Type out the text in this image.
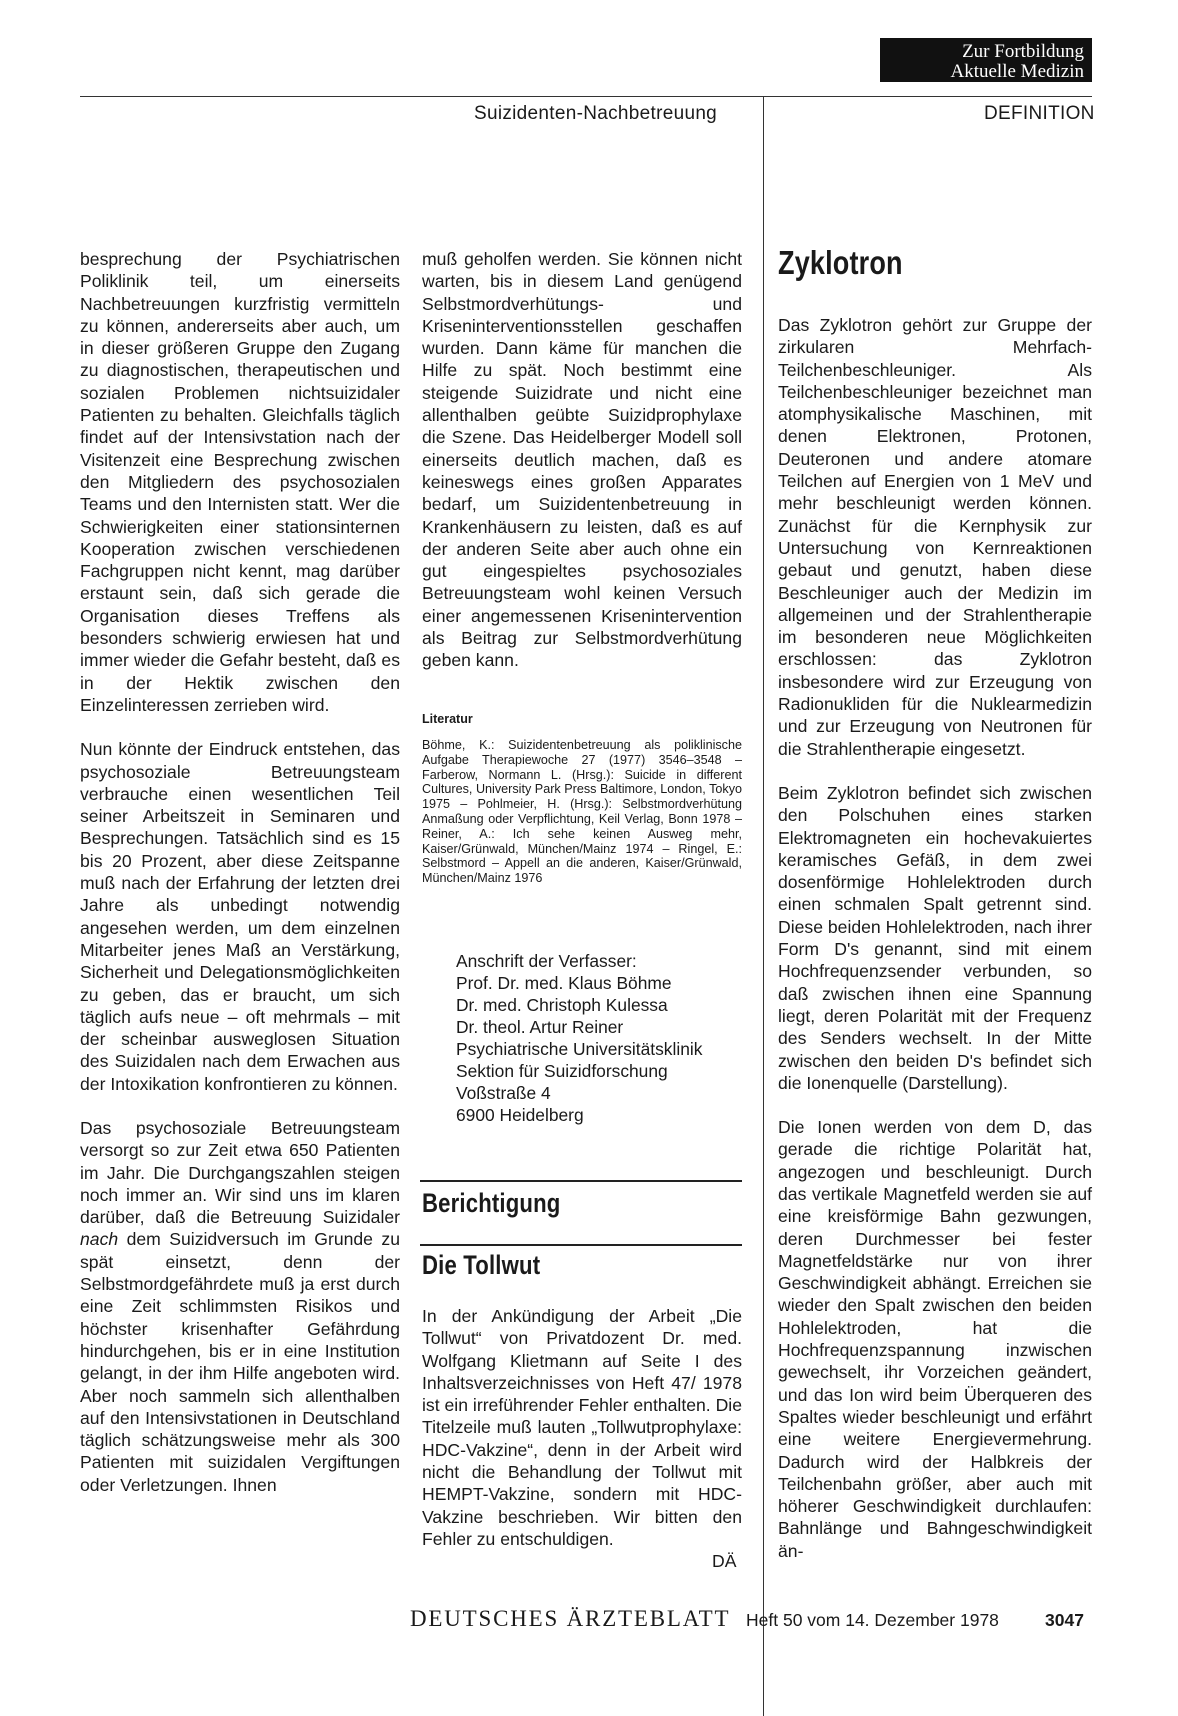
Zur Fortbildung
Aktuelle Medizin
Suizidenten-Nachbetreuung	DEFINITION

besprechung der Psychiatrischen Poliklinik teil, um einerseits Nachbetreuungen kurzfristig vermitteln zu können, andererseits aber auch, um in dieser größeren Gruppe den Zugang zu diagnostischen, therapeutischen und sozialen Problemen nichtsuizidaler Patienten zu behalten. Gleichfalls täglich findet auf der Intensivstation nach der Visitenzeit eine Besprechung zwischen den Mitgliedern des psychosozialen Teams und den Internisten statt. Wer die Schwierigkeiten einer stationsinternen Kooperation zwischen verschiedenen Fachgruppen nicht kennt, mag darüber erstaunt sein, daß sich gerade die Organisation dieses Treffens als besonders schwierig erwiesen hat und immer wieder die Gefahr besteht, daß es in der Hektik zwischen den Einzelinteressen zerrieben wird.

Nun könnte der Eindruck entstehen, das psychosoziale Betreuungsteam verbrauche einen wesentlichen Teil seiner Arbeitszeit in Seminaren und Besprechungen. Tatsächlich sind es 15 bis 20 Prozent, aber diese Zeitspanne muß nach der Erfahrung der letzten drei Jahre als unbedingt notwendig angesehen werden, um dem einzelnen Mitarbeiter jenes Maß an Verstärkung, Sicherheit und Delegationsmöglichkeiten zu geben, das er braucht, um sich täglich aufs neue – oft mehrmals – mit der scheinbar ausweglosen Situation des Suizidalen nach dem Erwachen aus der Intoxikation konfrontieren zu können.

Das psychosoziale Betreuungsteam versorgt so zur Zeit etwa 650 Patienten im Jahr. Die Durchgangszahlen steigen noch immer an. Wir sind uns im klaren darüber, daß die Betreuung Suizidaler nach dem Suizidversuch im Grunde zu spät einsetzt, denn der Selbstmordgefährdete muß ja erst durch eine Zeit schlimmsten Risikos und höchster krisenhafter Gefährdung hindurchgehen, bis er in eine Institution gelangt, in der ihm Hilfe angeboten wird. Aber noch sammeln sich allenthalben auf den Intensivstationen in Deutschland täglich schätzungsweise mehr als 300 Patienten mit suizidalen Vergiftungen oder Verletzungen. Ihnen

muß geholfen werden. Sie können nicht warten, bis in diesem Land genügend Selbstmordverhütungs- und Kriseninterventionsstellen geschaffen wurden. Dann käme für manchen die Hilfe zu spät. Noch bestimmt eine steigende Suizidrate und nicht eine allenthalben geübte Suizidprophylaxe die Szene. Das Heidelberger Modell soll einerseits deutlich machen, daß es keineswegs eines großen Apparates bedarf, um Suizidentenbetreuung in Krankenhäusern zu leisten, daß es auf der anderen Seite aber auch ohne ein gut eingespieltes psychosoziales Betreuungsteam wohl keinen Versuch einer angemessenen Krisenintervention als Beitrag zur Selbstmordverhütung geben kann.

Literatur
Böhme, K.: Suizidentenbetreuung als poliklinische Aufgabe Therapiewoche 27 (1977) 3546–3548 – Farberow, Normann L. (Hrsg.): Suicide in different Cultures, University Park Press Baltimore, London, Tokyo 1975 – Pohlmeier, H. (Hrsg.): Selbstmordverhütung Anmaßung oder Verpflichtung, Keil Verlag, Bonn 1978 – Reiner, A.: Ich sehe keinen Ausweg mehr, Kaiser/Grünwald, München/Mainz 1974 – Ringel, E.: Selbstmord – Appell an die anderen, Kaiser/Grünwald, München/Mainz 1976
Anschrift der Verfasser:
Prof. Dr. med. Klaus Böhme
Dr. med. Christoph Kulessa
Dr. theol. Artur Reiner
Psychiatrische Universitätsklinik
Sektion für Suizidforschung
Voßstraße 4
6900 Heidelberg
Berichtigung
Die Tollwut

In der Ankündigung der Arbeit „Die Tollwut“ von Privatdozent Dr. med. Wolfgang Klietmann auf Seite I des Inhaltsverzeichnisses von Heft 47/ 1978 ist ein irreführender Fehler enthalten. Die Titelzeile muß lauten „Tollwutprophylaxe: HDC-Vakzine“, denn in der Arbeit wird nicht die Behandlung der Tollwut mit HEMPT-Vakzine, sondern mit HDC-Vakzine beschrieben. Wir bitten den Fehler zu entschuldigen.

DÄ
Zyklotron

Das Zyklotron gehört zur Gruppe der zirkularen Mehrfach-Teilchenbeschleuniger. Als Teilchenbeschleuniger bezeichnet man atomphysikalische Maschinen, mit denen Elektronen, Protonen, Deuteronen und andere atomare Teilchen auf Energien von 1 MeV und mehr beschleunigt werden können. Zunächst für die Kernphysik zur Untersuchung von Kernreaktionen gebaut und genutzt, haben diese Beschleuniger auch der Medizin im allgemeinen und der Strahlentherapie im besonderen neue Möglichkeiten erschlossen: das Zyklotron insbesondere wird zur Erzeugung von Radionukliden für die Nuklearmedizin und zur Erzeugung von Neutronen für die Strahlentherapie eingesetzt.

Beim Zyklotron befindet sich zwischen den Polschuhen eines starken Elektromagneten ein hochevakuiertes keramisches Gefäß, in dem zwei dosenförmige Hohlelektroden durch einen schmalen Spalt getrennt sind. Diese beiden Hohlelektroden, nach ihrer Form D's genannt, sind mit einem Hochfrequenzsender verbunden, so daß zwischen ihnen eine Spannung liegt, deren Polarität mit der Frequenz des Senders wechselt. In der Mitte zwischen den beiden D's befindet sich die Ionenquelle (Darstellung).

Die Ionen werden von dem D, das gerade die richtige Polarität hat, angezogen und beschleunigt. Durch das vertikale Magnetfeld werden sie auf eine kreisförmige Bahn gezwungen, deren Durchmesser bei fester Magnetfeldstärke nur von ihrer Geschwindigkeit abhängt. Erreichen sie wieder den Spalt zwischen den beiden Hohlelektroden, hat die Hochfrequenzspannung inzwischen gewechselt, ihr Vorzeichen geändert, und das Ion wird beim Überqueren des Spaltes wieder beschleunigt und erfährt eine weitere Energievermehrung. Dadurch wird der Halbkreis der Teilchenbahn größer, aber auch mit höherer Geschwindigkeit durchlaufen: Bahnlänge und Bahngeschwindigkeit än-

DEUTSCHES ÄRZTEBLATT Heft 50 vom 14. Dezember 1978	3047
